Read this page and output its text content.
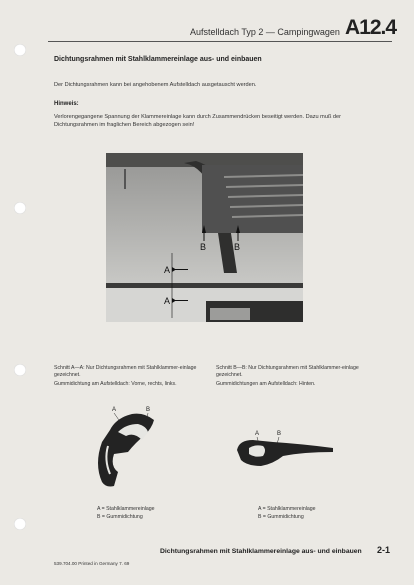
Aufstelldach Typ 2 — Campingwagen A12.4
Dichtungsrahmen mit Stahlklammereinlage aus- und einbauen
Der Dichtungsrahmen kann bei angehobenem Aufstelldach ausgetauscht werden.
Hinweis:
Verlorengegangene Spannung der Klammereinlage kann durch Zusammendrücken beseitigt werden. Dazu muß der Dichtungsrahmen im fraglichen Bereich abgezogen sein!
B	B
A
A
Schnitt A—A: Nur Dichtungsrahmen mit Stahlklammer-einlage gezeichnet.
Gummidichtung am Aufstelldach: Vorne, rechts, links.
Schnitt B—B: Nur Dichtungsrahmen mit Stahlklammer-einlage gezeichnet.
Gummidichtungen am Aufstelldach: Hinten.
A	B
A	B
A = Stahlklammereinlage
B = Gummidichtung
A = Stahlklammereinlage
B = Gummidichtung
539.704.00 Printed in Germany 7. 69
Dichtungsrahmen mit Stahlklammereinlage aus- und einbauen 2-1
